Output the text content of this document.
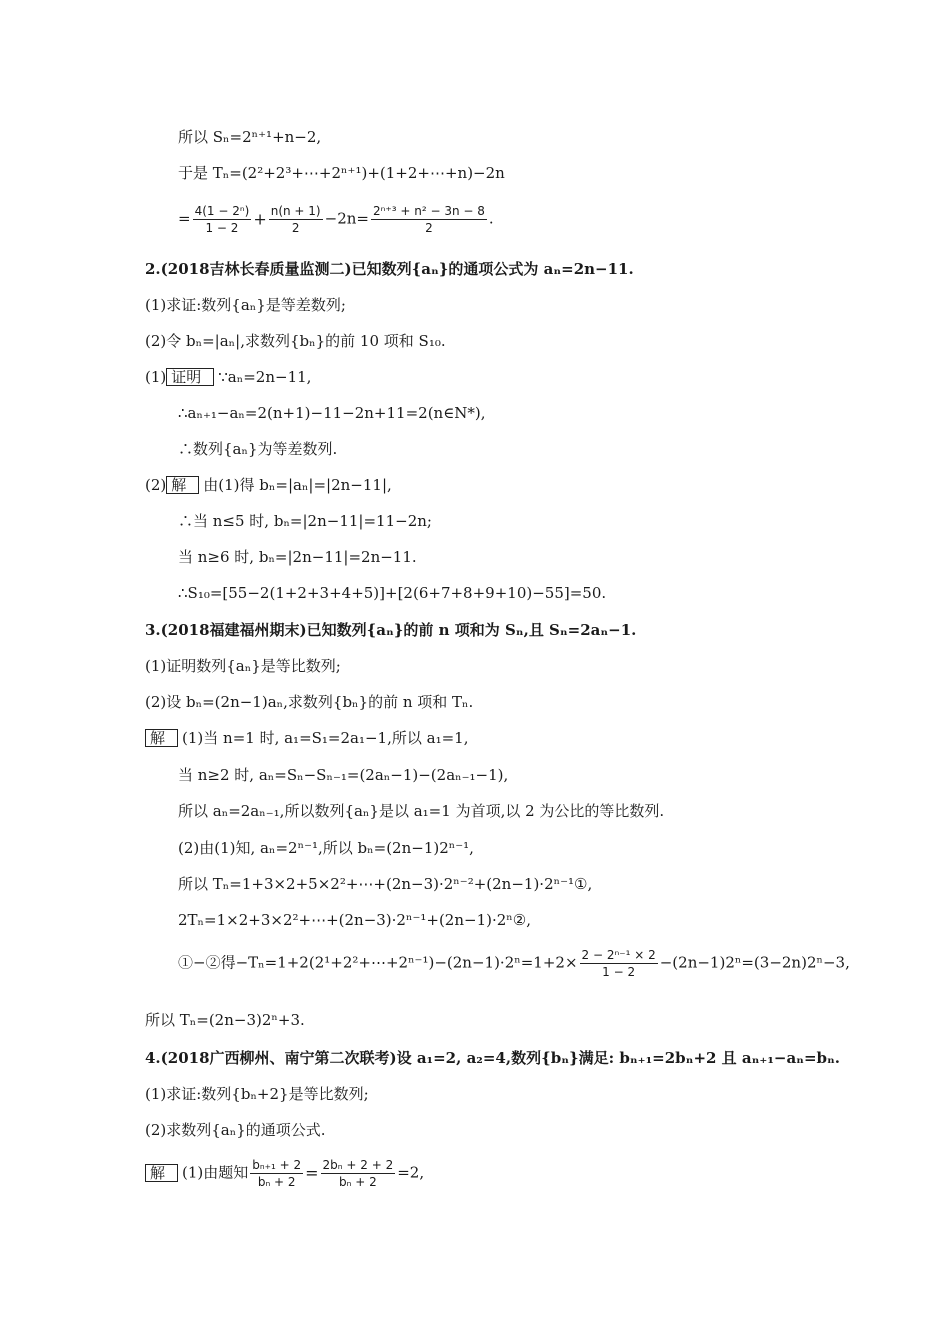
所以 Sₙ=2ⁿ⁺¹+n−2,
于是 Tₙ=(2²+2³+⋯+2ⁿ⁺¹)+(1+2+⋯+n)−2n
= $\frac{\text{4(1 − 2ⁿ)}}{1 - 2} + \frac{n(n + 1)}{2} -2n= \frac{\text{2ⁿ⁺³ + n² − 3n − 8}}{2}$ .
2.(2018吉林长春质量监测二)已知数列{aₙ}的通项公式为 aₙ=2n−11.
(1)求证:数列{aₙ}是等差数列;
(2)令 bₙ=|aₙ|,求数列{bₙ}的前 10 项和 S₁₀.
(1) 证明 ∵aₙ=2n−11,
∴aₙ₊₁−aₙ=2(n+1)−11−2n+11=2(n∈N*),
∴数列{aₙ}为等差数列.
(2) 解 由(1)得 bₙ=|aₙ|=|2n−11|,
∴当 n≤5 时, bₙ=|2n−11|=11−2n;
当 n≥6 时, bₙ=|2n−11|=2n−11.
∴S₁₀=[55−2(1+2+3+4+5)]+[2(6+7+8+9+10)−55]=50.
3.(2018福建福州期末)已知数列{aₙ}的前 n 项和为 Sₙ,且 Sₙ=2aₙ−1.
(1)证明数列{aₙ}是等比数列;
(2)设 bₙ=(2n−1)aₙ,求数列{bₙ}的前 n 项和 Tₙ.
解 (1)当 n=1 时, a₁=S₁=2a₁−1,所以 a₁=1,
当 n≥2 时, aₙ=Sₙ−Sₙ₋₁=(2aₙ−1)−(2aₙ₋₁−1),
所以 aₙ=2aₙ₋₁,所以数列{aₙ}是以 a₁=1 为首项,以 2 为公比的等比数列.
(2)由(1)知, aₙ=2ⁿ⁻¹,所以 bₙ=(2n−1)2ⁿ⁻¹,
所以 Tₙ=1+3×2+5×2²+⋯+(2n−3)·2ⁿ⁻²+(2n−1)·2ⁿ⁻¹①,
2Tₙ=1×2+3×2²+⋯+(2n−3)·2ⁿ⁻¹+(2n−1)·2ⁿ②,
①−②得−Tₙ=1+2(2¹+2²+⋯+2ⁿ⁻¹)−(2n−1)·2ⁿ=1+2× $\frac{\text{2 − 2ⁿ⁻¹ × 2}}{1 - 2} -(2n-1)2^n=(3-2n)2^n-3$,
所以 Tₙ=(2n−3)2ⁿ+3.
4.(2018广西柳州、南宁第二次联考)设 a₁=2, a₂=4,数列{bₙ}满足: bₙ₊₁=2bₙ+2 且 aₙ₊₁−aₙ=bₙ.
(1)求证:数列{bₙ+2}是等比数列;
(2)求数列{aₙ}的通项公式.
解 (1)由题知 $\frac{\text{bₙ₊₁ + 2}}{\text{bₙ + 2}} = \frac{\text{2bₙ + 2 + 2}}{\text{bₙ + 2}} =2$,
